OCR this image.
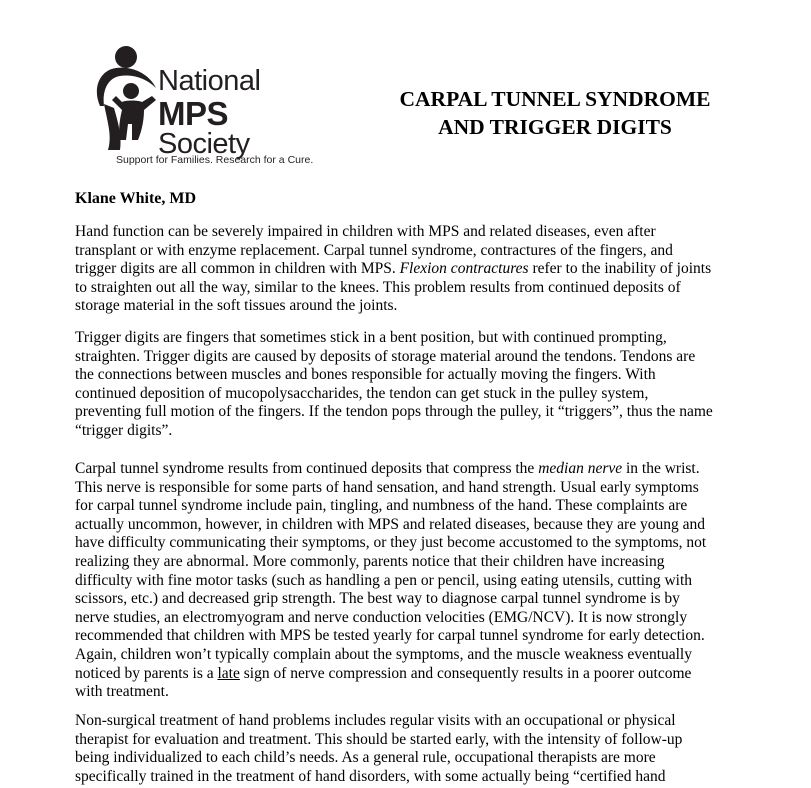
National
MPS
Society
Support for Families. Research for a Cure.
CARPAL TUNNEL SYNDROME
AND TRIGGER DIGITS
Klane White, MD
Hand function can be severely impaired in children with MPS and related diseases, even after
transplant or with enzyme replacement. Carpal tunnel syndrome, contractures of the fingers, and
trigger digits are all common in children with MPS. Flexion contractures refer to the inability of joints
to straighten out all the way, similar to the knees. This problem results from continued deposits of
storage material in the soft tissues around the joints.
Trigger digits are fingers that sometimes stick in a bent position, but with continued prompting,
straighten. Trigger digits are caused by deposits of storage material around the tendons. Tendons are
the connections between muscles and bones responsible for actually moving the fingers. With
continued deposition of mucopolysaccharides, the tendon can get stuck in the pulley system,
preventing full motion of the fingers. If the tendon pops through the pulley, it “triggers”, thus the name
“trigger digits”.
Carpal tunnel syndrome results from continued deposits that compress the median nerve in the wrist.
This nerve is responsible for some parts of hand sensation, and hand strength. Usual early symptoms
for carpal tunnel syndrome include pain, tingling, and numbness of the hand. These complaints are
actually uncommon, however, in children with MPS and related diseases, because they are young and
have difficulty communicating their symptoms, or they just become accustomed to the symptoms, not
realizing they are abnormal. More commonly, parents notice that their children have increasing
difficulty with fine motor tasks (such as handling a pen or pencil, using eating utensils, cutting with
scissors, etc.) and decreased grip strength. The best way to diagnose carpal tunnel syndrome is by
nerve studies, an electromyogram and nerve conduction velocities (EMG/NCV). It is now strongly
recommended that children with MPS be tested yearly for carpal tunnel syndrome for early detection.
Again, children won’t typically complain about the symptoms, and the muscle weakness eventually
noticed by parents is a late sign of nerve compression and consequently results in a poorer outcome
with treatment.
Non-surgical treatment of hand problems includes regular visits with an occupational or physical
therapist for evaluation and treatment. This should be started early, with the intensity of follow-up
being individualized to each child’s needs. As a general rule, occupational therapists are more
specifically trained in the treatment of hand disorders, with some actually being “certified hand
